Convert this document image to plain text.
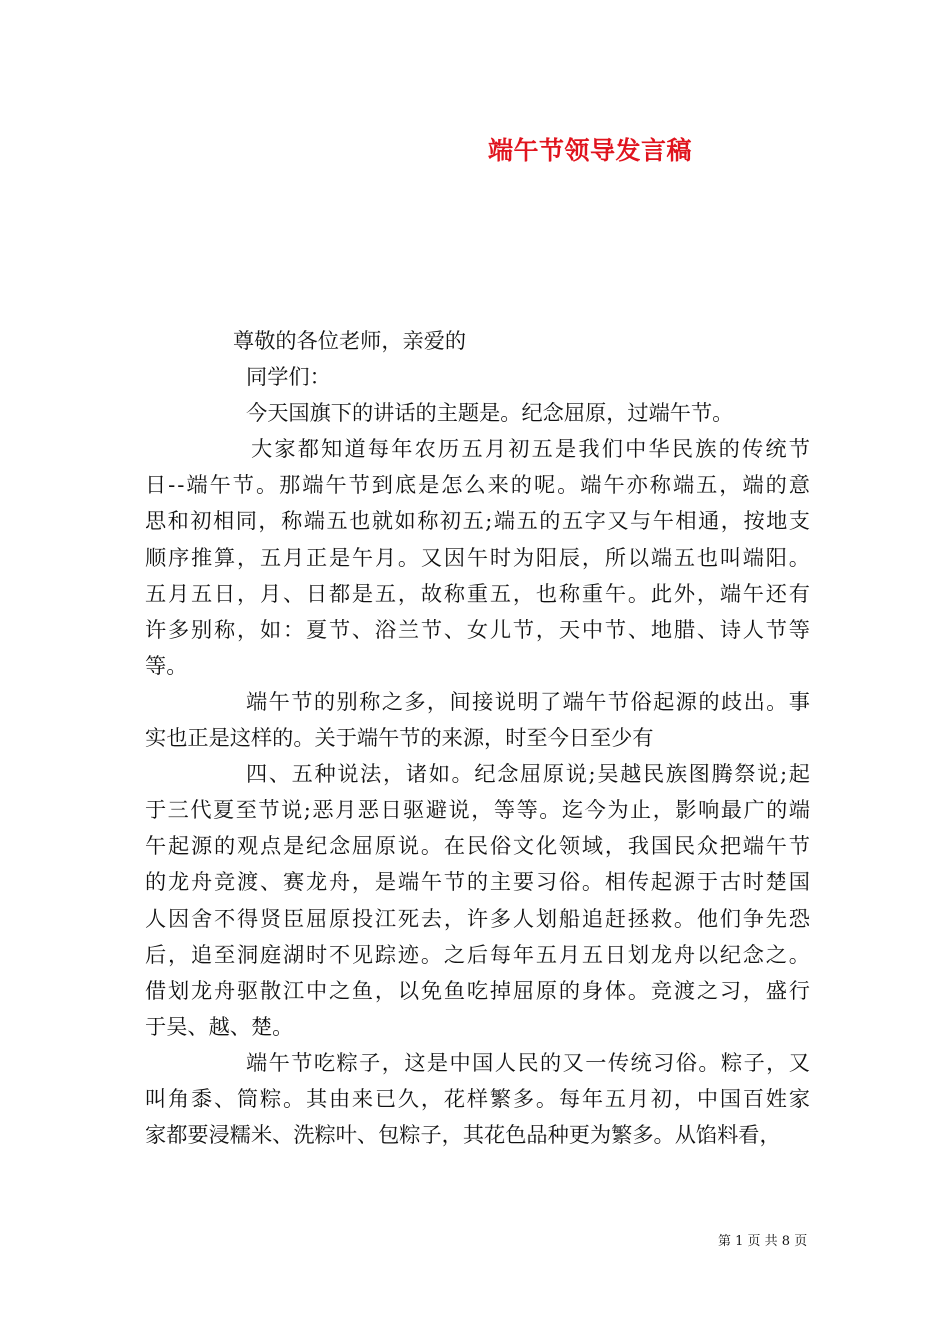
端午节领导发言稿
尊敬的各位老师，亲爱的
同学们：
今天国旗下的讲话的主题是。纪念屈原，过端午节。
大家都知道每年农历五月初五是我们中华民族的传统节
日--端午节。那端午节到底是怎么来的呢。端午亦称端五，端的意
思和初相同，称端五也就如称初五;端五的五字又与午相通，按地支
顺序推算，五月正是午月。又因午时为阳辰，所以端五也叫端阳。
五月五日，月、日都是五，故称重五，也称重午。此外，端午还有
许多别称，如：夏节、浴兰节、女儿节，天中节、地腊、诗人节等
等。
端午节的别称之多，间接说明了端午节俗起源的歧出。事
实也正是这样的。关于端午节的来源，时至今日至少有
四、五种说法，诸如。纪念屈原说;吴越民族图腾祭说;起
于三代夏至节说;恶月恶日驱避说，等等。迄今为止，影响最广的端
午起源的观点是纪念屈原说。在民俗文化领域，我国民众把端午节
的龙舟竞渡、赛龙舟，是端午节的主要习俗。相传起源于古时楚国
人因舍不得贤臣屈原投江死去，许多人划船追赶拯救。他们争先恐
后，追至洞庭湖时不见踪迹。之后每年五月五日划龙舟以纪念之。
借划龙舟驱散江中之鱼，以免鱼吃掉屈原的身体。竞渡之习，盛行
于吴、越、楚。
端午节吃粽子，这是中国人民的又一传统习俗。粽子，又
叫角黍、筒粽。其由来已久，花样繁多。每年五月初，中国百姓家
家都要浸糯米、洗粽叶、包粽子，其花色品种更为繁多。从馅料看，
第 1 页 共 8 页
